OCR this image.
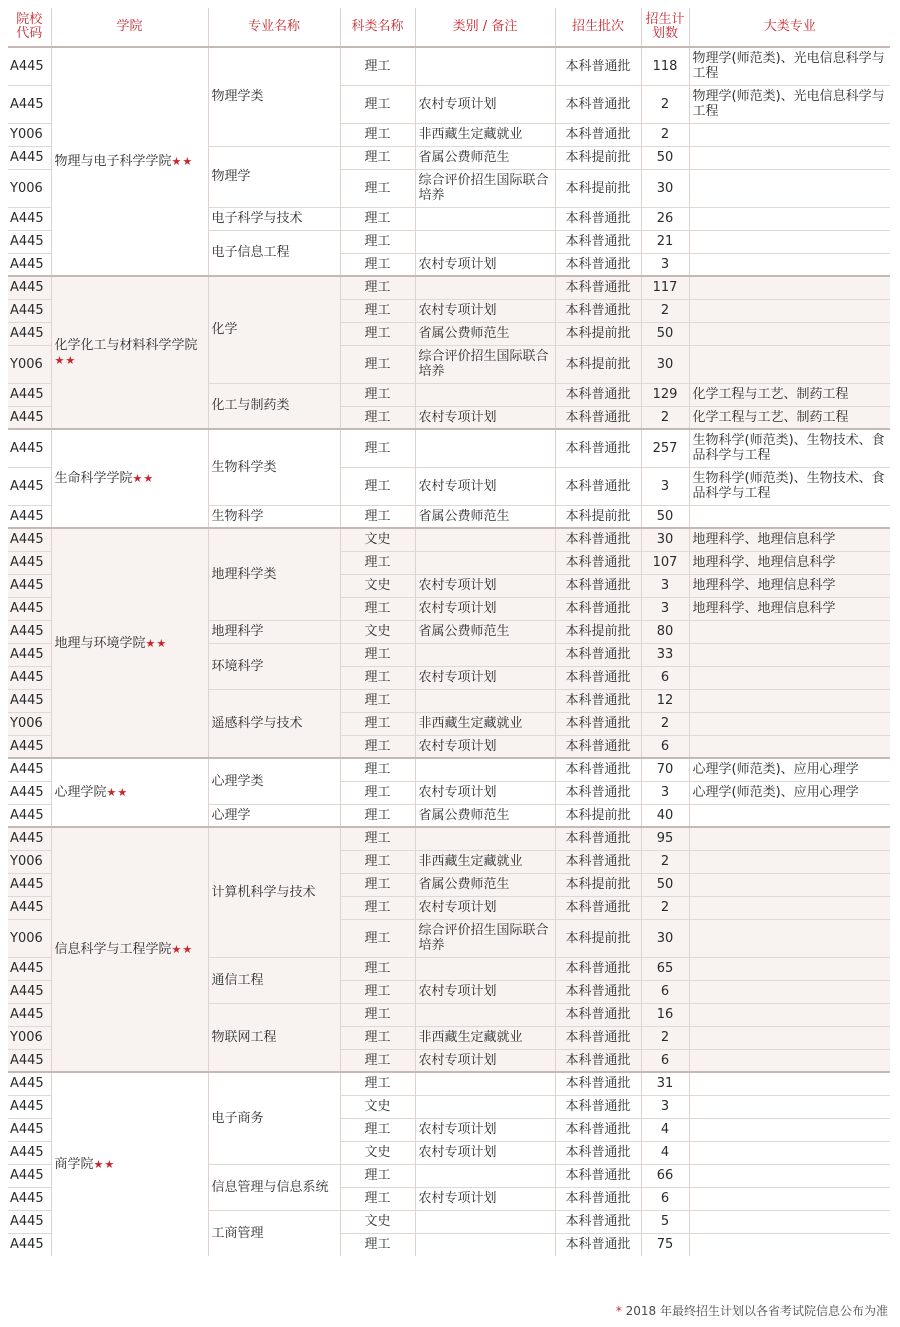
院校代码	学院	专业名称	科类名称	类别 / 备注	招生批次	招生计划数	大类专业
A445	物理与电子科学学院★★	物理学类	理工		本科普通批	118	物理学(师范类)、光电信息科学与工程
A445			理工	农村专项计划	本科普通批	2	物理学(师范类)、光电信息科学与工程
Y006			理工	非西藏生定藏就业	本科普通批	2	
A445		物理学	理工	省属公费师范生	本科提前批	50	
Y006			理工	综合评价招生国际联合培养	本科提前批	30	
A445		电子科学与技术	理工		本科普通批	26	
A445		电子信息工程	理工		本科普通批	21	
A445			理工	农村专项计划	本科普通批	3	
A445	化学化工与材料科学学院★★	化学	理工		本科普通批	117	
A445			理工	农村专项计划	本科普通批	2	
A445			理工	省属公费师范生	本科提前批	50	
Y006			理工	综合评价招生国际联合培养	本科提前批	30	
A445		化工与制药类	理工		本科普通批	129	化学工程与工艺、制药工程
A445			理工	农村专项计划	本科普通批	2	化学工程与工艺、制药工程
A445	生命科学学院★★	生物科学类	理工		本科普通批	257	生物科学(师范类)、生物技术、食品科学与工程
A445			理工	农村专项计划	本科普通批	3	生物科学(师范类)、生物技术、食品科学与工程
A445		生物科学	理工	省属公费师范生	本科提前批	50	
A445	地理与环境学院★★	地理科学类	文史		本科普通批	30	地理科学、地理信息科学
A445			理工		本科普通批	107	地理科学、地理信息科学
A445			文史	农村专项计划	本科普通批	3	地理科学、地理信息科学
A445			理工	农村专项计划	本科普通批	3	地理科学、地理信息科学
A445		地理科学	文史	省属公费师范生	本科提前批	80	
A445		环境科学	理工		本科普通批	33	
A445			理工	农村专项计划	本科普通批	6	
A445		遥感科学与技术	理工		本科普通批	12	
Y006			理工	非西藏生定藏就业	本科普通批	2	
A445			理工	农村专项计划	本科普通批	6	
A445	心理学院★★	心理学类	理工		本科普通批	70	心理学(师范类)、应用心理学
A445			理工	农村专项计划	本科普通批	3	心理学(师范类)、应用心理学
A445		心理学	理工	省属公费师范生	本科提前批	40	
A445	信息科学与工程学院★★	计算机科学与技术	理工		本科普通批	95	
Y006			理工	非西藏生定藏就业	本科普通批	2	
A445			理工	省属公费师范生	本科提前批	50	
A445			理工	农村专项计划	本科普通批	2	
Y006			理工	综合评价招生国际联合培养	本科提前批	30	
A445		通信工程	理工		本科普通批	65	
A445			理工	农村专项计划	本科普通批	6	
A445		物联网工程	理工		本科普通批	16	
Y006			理工	非西藏生定藏就业	本科普通批	2	
A445			理工	农村专项计划	本科普通批	6	
A445	商学院★★	电子商务	理工		本科普通批	31	
A445			文史		本科普通批	3	
A445			理工	农村专项计划	本科普通批	4	
A445			文史	农村专项计划	本科普通批	4	
A445		信息管理与信息系统	理工		本科普通批	66	
A445			理工	农村专项计划	本科普通批	6	
A445		工商管理	文史		本科普通批	5	
A445			理工		本科普通批	75	
* 2018 年最终招生计划以各省考试院信息公布为准
